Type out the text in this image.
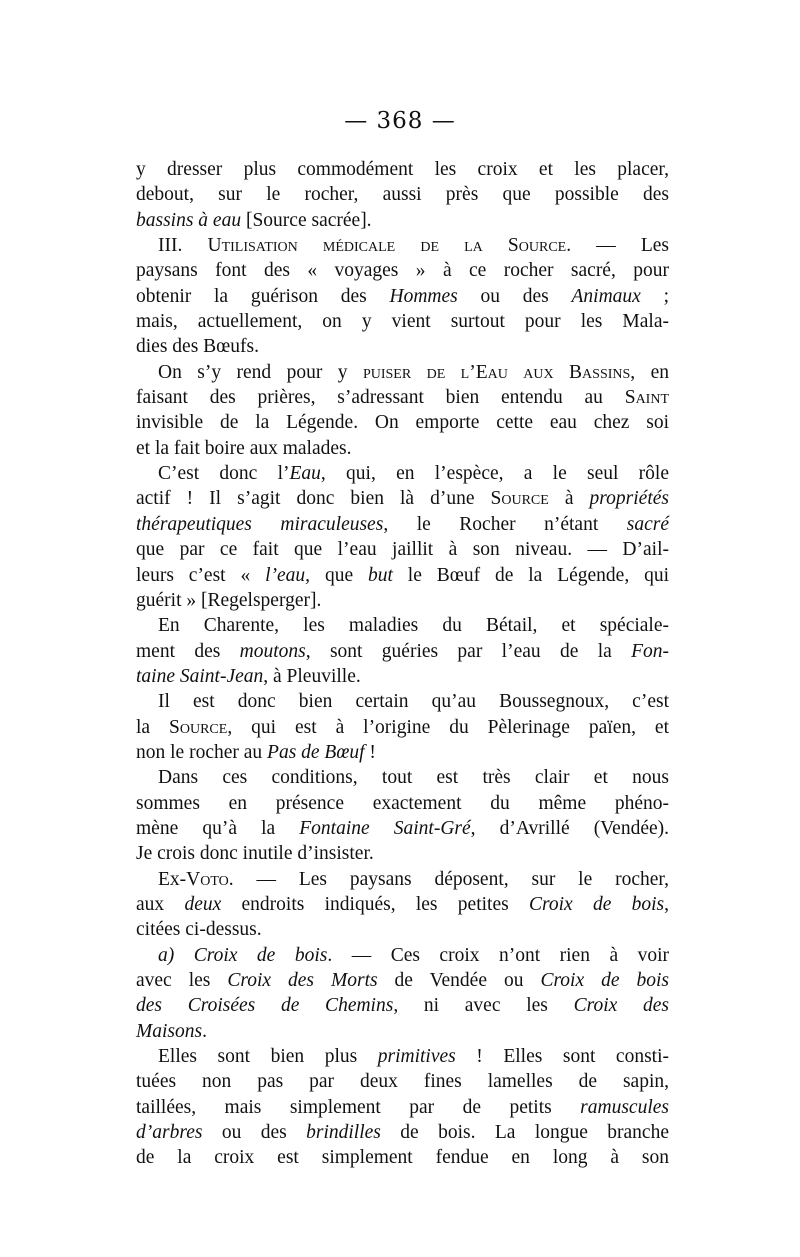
— 368 —
y dresser plus commodément les croix et les placer,
debout, sur le rocher, aussi près que possible des
bassins à eau [Source sacrée].
III. Utilisation médicale de la Source. — Les
paysans font des « voyages » à ce rocher sacré, pour
obtenir la guérison des Hommes ou des Animaux ;
mais, actuellement, on y vient surtout pour les Mala-
dies des Bœufs.
On s’y rend pour y puiser de l’Eau aux Bassins, en
faisant des prières, s’adressant bien entendu au Saint
invisible de la Légende. On emporte cette eau chez soi
et la fait boire aux malades.
C’est donc l’Eau, qui, en l’espèce, a le seul rôle
actif ! Il s’agit donc bien là d’une Source à propriétés
thérapeutiques miraculeuses, le Rocher n’étant sacré
que par ce fait que l’eau jaillit à son niveau. — D’ail-
leurs c’est « l’eau, que but le Bœuf de la Légende, qui
guérit » [Regelsperger].
En Charente, les maladies du Bétail, et spéciale-
ment des moutons, sont guéries par l’eau de la Fon-
taine Saint-Jean, à Pleuville.
Il est donc bien certain qu’au Boussegnoux, c’est
la Source, qui est à l’origine du Pèlerinage païen, et
non le rocher au Pas de Bœuf !
Dans ces conditions, tout est très clair et nous
sommes en présence exactement du même phéno-
mène qu’à la Fontaine Saint-Gré, d’Avrillé (Vendée).
Je crois donc inutile d’insister.
Ex-Voto. — Les paysans déposent, sur le rocher,
aux deux endroits indiqués, les petites Croix de bois,
citées ci-dessus.
a) Croix de bois. — Ces croix n’ont rien à voir
avec les Croix des Morts de Vendée ou Croix de bois
des Croisées de Chemins, ni avec les Croix des
Maisons.
Elles sont bien plus primitives ! Elles sont consti-
tuées non pas par deux fines lamelles de sapin,
taillées, mais simplement par de petits ramuscules
d’arbres ou des brindilles de bois. La longue branche
de la croix est simplement fendue en long à son
